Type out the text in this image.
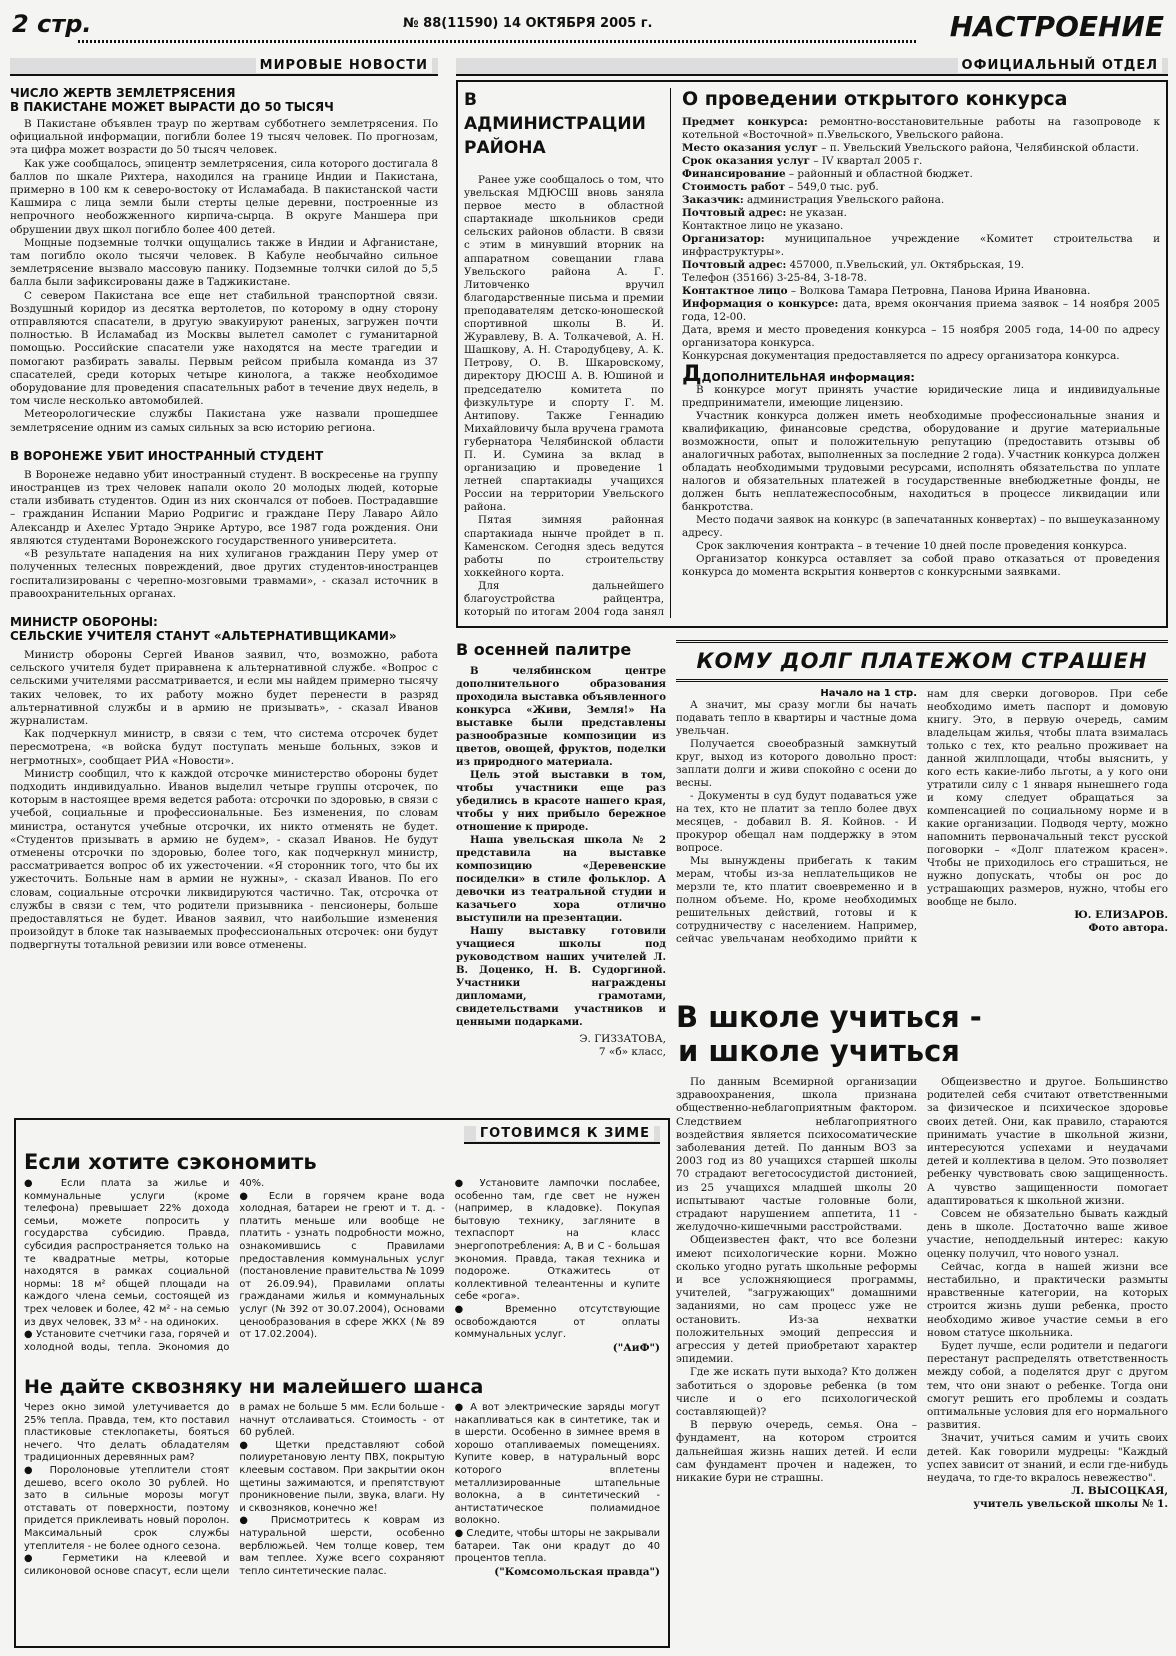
2 стр.	№ 88(11590) 14 ОКТЯБРЯ 2005 г.	НАСТРОЕНИЕ
МИРОВЫЕ НОВОСТИ
ЧИСЛО ЖЕРТВ ЗЕМЛЕТРЯСЕНИЯ
В ПАКИСТАНЕ МОЖЕТ ВЫРАСТИ ДО 50 ТЫСЯЧ

В Пакистане объявлен траур по жертвам субботнего землетрясения. По официальной информации, погибли более 19 тысяч человек. По прогнозам, эта цифра может возрасти до 50 тысяч человек.

Как уже сообщалось, эпицентр землетрясения, сила которого достигала 8 баллов по шкале Рихтера, находился на границе Индии и Пакистана, примерно в 100 км к северо-востоку от Исламабада. В пакистанской части Кашмира с лица земли были стерты целые деревни, построенные из непрочного необожженного кирпича-сырца. В округе Маншера при обрушении двух школ погибло более 400 детей.

Мощные подземные толчки ощущались также в Индии и Афганистане, там погибло около тысячи человек. В Кабуле необычайно сильное землетрясение вызвало массовую панику. Подземные толчки силой до 5,5 балла были зафиксированы даже в Таджикистане.

С севером Пакистана все еще нет стабильной транспортной связи. Воздушный коридор из десятка вертолетов, по которому в одну сторону отправляются спасатели, в другую эвакуируют раненых, загружен почти полностью. В Исламабад из Москвы вылетел самолет с гуманитарной помощью. Российские спасатели уже находятся на месте трагедии и помогают разбирать завалы. Первым рейсом прибыла команда из 37 спасателей, среди которых четыре кинолога, а также необходимое оборудование для проведения спасательных работ в течение двух недель, в том числе несколько автомобилей.

Метеорологические службы Пакистана уже назвали прошедшее землетрясение одним из самых сильных за всю историю региона.

В ВОРОНЕЖЕ УБИТ ИНОСТРАННЫЙ СТУДЕНТ

В Воронеже недавно убит иностранный студент. В воскресенье на группу иностранцев из трех человек напали около 20 молодых людей, которые стали избивать студентов. Один из них скончался от побоев. Пострадавшие – гражданин Испании Марио Родригис и граждане Перу Лаваро Айло Александр и Ахелес Уртадо Энрике Артуро, все 1987 года рождения. Они являются студентами Воронежского государственного университета.

«В результате нападения на них хулиганов гражданин Перу умер от полученных телесных повреждений, двое других студентов-иностранцев госпитализированы с черепно-мозговыми травмами», - сказал источник в правоохранительных органах.

МИНИСТР ОБОРОНЫ:
СЕЛЬСКИЕ УЧИТЕЛЯ СТАНУТ «АЛЬТЕРНАТИВЩИКАМИ»

Министр обороны Сергей Иванов заявил, что, возможно, работа сельского учителя будет приравнена к альтернативной службе. «Вопрос с сельскими учителями рассматривается, и если мы найдем примерно тысячу таких человек, то их работу можно будет перенести в разряд альтернативной службы и в армию не призывать», - сказал Иванов журналистам.

Как подчеркнул министр, в связи с тем, что система отсрочек будет пересмотрена, «в войска будут поступать меньше больных, зэков и негрмотных», сообщает РИА «Новости».

Министр сообщил, что к каждой отсрочке министерство обороны будет подходить индивидуально. Иванов выделил четыре группы отсрочек, по которым в настоящее время ведется работа: отсрочки по здоровью, в связи с учебой, социальные и профессиональные. Без изменения, по словам министра, останутся учебные отсрочки, их никто отменять не будет. «Студентов призывать в армию не будем», - сказал Иванов. Не будут отменены отсрочки по здоровью, более того, как подчеркнул министр, рассматривается вопрос об их ужесточении. «Я сторонник того, что бы их ужесточить. Больные нам в армии не нужны», - сказал Иванов. По его словам, социальные отсрочки ликвидируются частично. Так, отсрочка от службы в связи с тем, что родители призывника - пенсионеры, больше предоставляться не будет. Иванов заявил, что наибольшие изменения произойдут в блоке так называемых профессиональных отсрочек: они будут подвергнуты тотальной ревизии или вовсе отменены.

ОФИЦИАЛЬНЫЙ ОТДЕЛ
В АДМИНИСТРАЦИИ РАЙОНА

Ранее уже сообщалось о том, что увельская МДЮСШ вновь заняла первое место в областной спартакиаде школьников среди сельских районов области. В связи с этим в минувший вторник на аппаратном совещании глава Увельского района А. Г. Литовченко вручил благодарственные письма и премии преподавателям детско-юношеской спортивной школы В. И. Журавлеву, В. А. Толкачевой, А. Н. Шашкову, А. Н. Стародубцеву, А. К. Петрову, О. В. Шкаровскому, директору ДЮСШ А. В. Юшиной и председателю комитета по физкультуре и спорту Г. М. Антипову. Также Геннадию Михайловичу была вручена грамота губернатора Челябинской области П. И. Сумина за вклад в организацию и проведение 1 летней спартакиады учащихся России на территории Увельского района.

Пятая зимняя районная спартакиада нынче пройдет в п. Каменском. Сегодня здесь ведутся работы по строительству хоккейного корта.

Для дальнейшего благоустройства райцентра, который по итогам 2004 года занял

О проведении открытого конкурса

Предмет конкурса: ремонтно-восстановительные работы на газопроводе к котельной «Восточной» п.Увельского, Увельского района.

Место оказания услуг – п. Увельский Увельского района, Челябинской области.

Срок оказания услуг – IV квартал 2005 г.

Финансирование – районный и областной бюджет.

Стоимость работ – 549,0 тыс. руб.

Заказчик: администрация Увельского района.

Почтовый адрес: не указан.

Контактное лицо не указано.

Организатор: муниципальное учреждение «Комитет строительства и инфраструктуры».

Почтовый адрес: 457000, п.Увельский, ул. Октябрьская, 19.

Телефон (35166) 3-25-84, 3-18-78.

Контактное лицо – Волкова Тамара Петровна, Панова Ирина Ивановна.

Информация о конкурсе: дата, время окончания приема заявок – 14 ноября 2005 года, 12-00.

Дата, время и место проведения конкурса – 15 ноября 2005 года, 14-00 по адресу организатора конкурса.

Конкурсная документация предоставляется по адресу организатора конкурса.

ДДОПОЛНИТЕЛЬНАЯ информация:

В конкурсе могут принять участие юридические лица и индивидуальные предприниматели, имеющие лицензию.

Участник конкурса должен иметь необходимые профессиональные знания и квалификацию, финансовые средства, оборудование и другие материальные возможности, опыт и положительную репутацию (предоставить отзывы об аналогичных работах, выполненных за последние 2 года). Участник конкурса должен обладать необходимыми трудовыми ресурсами, исполнять обязательства по уплате налогов и обязательных платежей в государственные внебюджетные фонды, не должен быть неплатежеспособным, находиться в процессе ликвидации или банкротства.

Место подачи заявок на конкурс (в запечатанных конвертах) – по вышеуказанному адресу.

Срок заключения контракта – в течение 10 дней после проведения конкурса.

Организатор конкурса оставляет за собой право отказаться от проведения конкурса до момента вскрытия конвертов с конкурсными заявками.

В осенней палитре

В челябинском центре дополнительного образования проходила выставка объявленного конкурса «Живи, Земля!» На выставке были представлены разнообразные композиции из цветов, овощей, фруктов, поделки из природного материала.

Цель этой выставки в том, чтобы участники еще раз убедились в красоте нашего края, чтобы у них прибыло бережное отношение к природе.

Наша увельская школа № 2 представила на выставке композицию «Деревенские посиделки» в стиле фольклор. А девочки из театральной студии и казачьего хора отлично выступили на презентации.

Нашу выставку готовили учащиеся школы под руководством наших учителей Л. В. Доценко, Н. В. Судоргиной. Участники награждены дипломами, грамотами, свидетельствами участников и ценными подарками.

Э. ГИЗЗАТОВА,
7 «б» класс,
КОМУ ДОЛГ ПЛАТЕЖОМ СТРАШЕН
Начало на 1 стр.

А значит, мы сразу могли бы начать подавать тепло в квартиры и частные дома увельчан.

Получается своеобразный замкнутый круг, выход из которого довольно прост: заплати долги и живи спокойно с осени до весны.

- Документы в суд будут подаваться уже на тех, кто не платит за тепло более двух месяцев, - добавил В. Я. Койнов. - И прокурор обещал нам поддержку в этом вопросе.

Мы вынуждены прибегать к таким мерам, чтобы из-за неплательщиков не мерзли те, кто платит своевременно и в полном объеме. Но, кроме необходимых решительных действий, готовы и к сотрудничеству с населением. Например, сейчас увельчанам необходимо прийти к нам для сверки договоров. При себе необходимо иметь паспорт и домовую книгу. Это, в первую очередь, самим владельцам жилья, чтобы плата взималась только с тех, кто реально проживает на данной жилплощади, чтобы выяснить, у кого есть какие-либо льготы, а у кого они утратили силу с 1 января нынешнего года и кому следует обращаться за компенсацией по социальному норме и в какие организации. Подводя черту, можно напомнить первоначальный текст русской поговорки – «Долг платежом красен». Чтобы не приходилось его страшиться, не нужно допускать, чтобы он рос до устрашающих размеров, нужно, чтобы его вообще не было.

Ю. ЕЛИЗАРОВ.
Фото автора.
В школе учиться -
и школе учиться

По данным Всемирной организации здравоохранения, школа признана общественно-неблагоприятным фактором. Следствием неблагоприятного воздействия является психосоматические заболевания детей. По данным ВОЗ за 2003 год из 80 учащихся старшей школы 70 страдают вегетососудистой дистонией, из 25 учащихся младшей школы 20 испытывают частые головные боли, страдают нарушением аппетита, 11 - желудочно-кишечными расстройствами.

Общеизвестен факт, что все болезни имеют психологические корни. Можно сколько угодно ругать школьные реформы и все усложняющиеся программы, учителей, "загружающих" домашними заданиями, но сам процесс уже не остановить. Из-за нехватки положительных эмоций депрессия и агрессия у детей приобретают характер эпидемии.

Где же искать пути выхода? Кто должен заботиться о здоровье ребенка (в том числе и о его психологической составляющей)?

В первую очередь, семья. Она – фундамент, на котором строится дальнейшая жизнь наших детей. И если сам фундамент прочен и надежен, то никакие бури не страшны.

Общеизвестно и другое. Большинство родителей себя считают ответственными за физическое и психическое здоровье своих детей. Они, как правило, стараются принимать участие в школьной жизни, интересуются успехами и неудачами детей и коллектива в целом. Это позволяет ребенку чувствовать свою защищенность. А чувство защищенности помогает адаптироваться к школьной жизни.

Совсем не обязательно бывать каждый день в школе. Достаточно ваше живое участие, неподдельный интерес: какую оценку получил, что нового узнал.

Сейчас, когда в нашей жизни все нестабильно, и практически размыты нравственные категории, на которых строится жизнь души ребенка, просто необходимо живое участие семьи в его новом статусе школьника.

Будет лучше, если родители и педагоги перестанут распределять ответственность между собой, а поделятся друг с другом тем, что они знают о ребенке. Тогда они смогут решить его проблемы и создать оптимальные условия для его нормального развития.

Значит, учиться самим и учить своих детей. Как говорили мудрецы: "Каждый успех зависит от знаний, и если где-нибудь неудача, то где-то вкралось невежество".

Л. ВЫСОЦКАЯ,
учитель увельской школы № 1.
ГОТОВИМСЯ К ЗИМЕ
Если хотите сэкономить

● Если плата за жилье и коммунальные услуги (кроме телефона) превышает 22% дохода семьи, можете попросить у государства субсидию. Правда, субсидия распространяется только на те квадратные метры, которые находятся в рамках социальной нормы: 18 м² общей площади на каждого члена семьи, состоящей из трех человек и более, 42 м² - на семью из двух человек, 33 м² - на одиноких.

● Установите счетчики газа, горячей и холодной воды, тепла. Экономия до 40%.

● Если в горячем кране вода холодная, батареи не греют и т. д. - платить меньше или вообще не платить - узнать подробности можно, ознакомившись с Правилами предоставления коммунальных услуг (постановление правительства № 1099 от 26.09.94), Правилами оплаты гражданами жилья и коммунальных услуг (№ 392 от 30.07.2004), Основами ценообразования в сфере ЖКХ (№ 89 от 17.02.2004).

● Установите лампочки послабее, особенно там, где свет не нужен (например, в кладовке). Покупая бытовую технику, загляните в техпаспорт на класс энергопотребления: А, В и С - большая экономия. Правда, такая техника и подороже. Откажитесь от коллективной телеантенны и купите себе «рога».

● Временно отсутствующие освобождаются от оплаты коммунальных услуг.

("АиФ")
Не дайте сквозняку ни малейшего шанса

Через окно зимой улетучивается до 25% тепла. Правда, тем, кто поставил пластиковые стеклопакеты, бояться нечего. Что делать обладателям традиционных деревянных рам?

● Поролоновые утеплители стоят дешево, всего около 30 рублей. Но зато в сильные морозы могут отставать от поверхности, поэтому придется приклеивать новый поролон. Максимальный срок службы утеплителя - не более одного сезона.

● Герметики на клеевой и силиконовой основе спасут, если щели в рамах не больше 5 мм. Если больше - начнут отслаиваться. Стоимость - от 60 рублей.

● Щетки представляют собой полиуретановую ленту ПВХ, покрытую клеевым составом. При закрытии окон щетины зажимаются, и препятствуют проникновение пыли, звука, влаги. Ну и сквозняков, конечно же!

● Присмотритесь к коврам из натуральной шерсти, особенно верблюжьей. Чем толще ковер, тем вам теплее. Хуже всего сохраняют тепло синтетические палас.

● А вот электрические заряды могут накапливаться как в синтетике, так и в шерсти. Особенно в зимнее время в хорошо отапливаемых помещениях. Купите ковер, в натуральный ворс которого вплетены металлизированные штапельные волокна, а в синтетический - антистатическое полиамидное волокно.

● Следите, чтобы шторы не закрывали батареи. Так они крадут до 40 процентов тепла.

("Комсомольская правда")
